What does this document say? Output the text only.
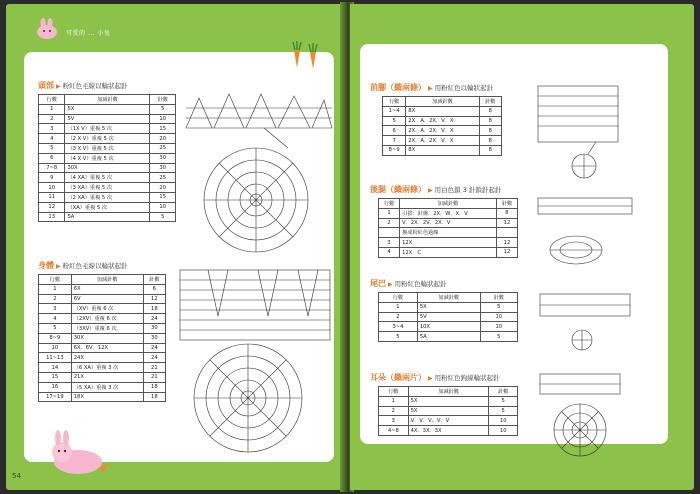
可愛的 ... 小兔
頭部 ▶ 粉紅色毛線以輪狀起針
行數	加減針數	針數
1	5X	5
2	5V	10
3	（1X V）重複 5 次	15
4	（2 X V）重複 5 次	20
5	（3 X V）重複 5 次	25
6	（4 X V）重複 5 次	30
7~8	30X	30
9	（4 XA）重複 5 次	25
10	（3 XA）重複 5 次	20
11	（2 XA）重複 5 次	15
12	（XA）重複 5 次	10
13	5A	5
身體 ▶ 粉紅色毛線以輪狀起針
行數	加減針數	針數
1	6X	6
2	6V	12
3	（XV）重複 6 次	18
4	（2XV）重複 6 次	24
5	（3XV）重複 6 次	30
8~9	30X	30
10	6X．6V．12X	24
11~13	24X	24
14	（6 XA）重複 3 次	21
15	21X	21
16	（5 XA）重複 3 次	18
17~19	18X	18
54
前腳（織兩條） ▶ 用粉紅色以輪狀起針
行數	加減針數	針數
1~4	8X	8
5	2X．A．2X．V．X	8
6	2X．A．2X．V．X	8
7	2X．A．2X．V．X	8
8~9	8X	8
後腿（織兩條） ▶ 用白色鎖 3 針鎖針起針
行數	加減針數	針數
1	引拔：針盤．2X．W．X．V	8
2	V．2X．2V．2X．V	12
	換成粉紅色過線	
3	12X	12
4	12X．C	12
尾巴 ▶ 用粉紅色輪狀起針
行數	加減針數	針數
1	5X	5
2	5V	10
3~4	10X	10
5	5A	5
耳朵（織兩片） ▶ 用粉紅色鉤線輪狀起針
行數	加減針數	針數
1	5X	5
2	5X	5
3	V．V．V．V．V	10
4~8	4X．3X．3X	10
